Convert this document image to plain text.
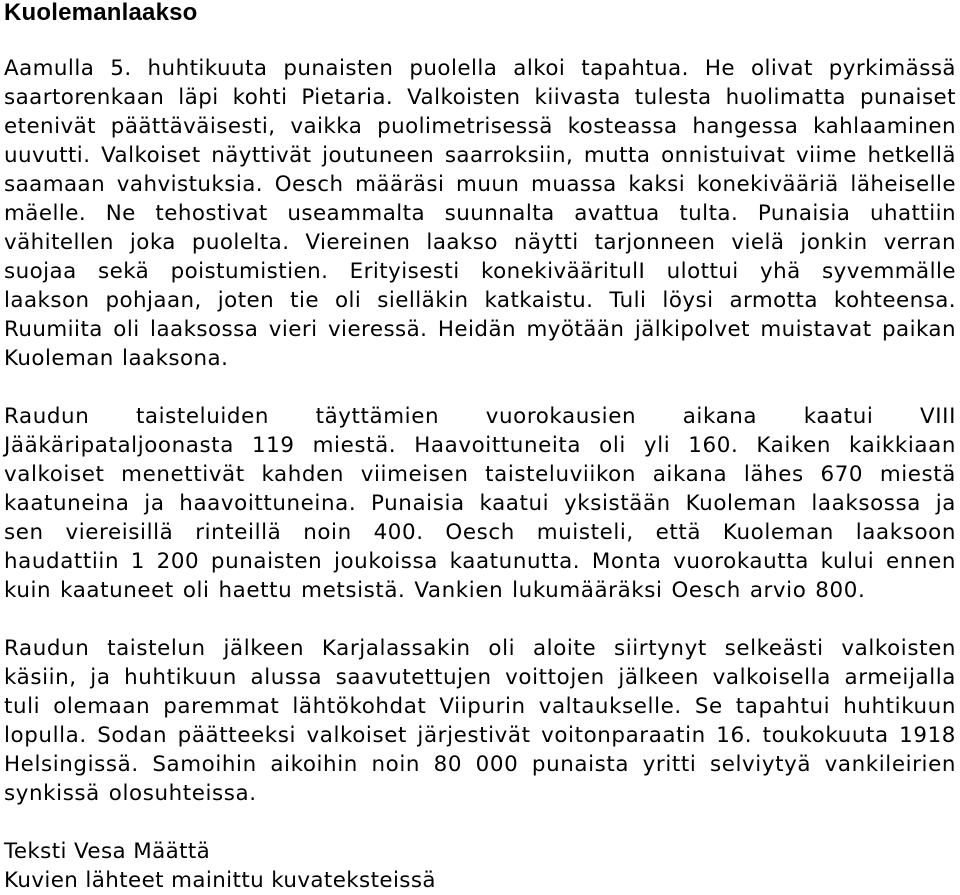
Kuolemanlaakso

Aamulla 5. huhtikuuta punaisten puolella alkoi tapahtua. He olivat pyrkimässä saartorenkaan läpi kohti Pietaria. Valkoisten kiivasta tulesta huolimatta punaiset etenivät päättäväisesti, vaikka puolimetrisessä kosteassa hangessa kahlaaminen uuvutti. Valkoiset näyttivät joutuneen saarroksiin, mutta onnistuivat viime hetkellä saamaan vahvistuksia. Oesch määräsi muun muassa kaksi konekivääriä läheiselle mäelle. Ne tehostivat useammalta suunnalta avattua tulta. Punaisia uhattiin vähitellen joka puolelta. Viereinen laakso näytti tarjonneen vielä jonkin verran suojaa sekä poistumistien. Erityisesti konekivääritulI ulottui yhä syvemmälle laakson pohjaan, joten tie oli sielläkin katkaistu. Tuli löysi armotta kohteensa. Ruumiita oli laaksossa vieri vieressä. Heidän myötään jälkipolvet muistavat paikan Kuoleman laaksona.

Raudun taisteluiden täyttämien vuorokausien aikana kaatui VIII Jääkäripataljoonasta 119 miestä. Haavoittuneita oli yli 160. Kaiken kaikkiaan valkoiset menettivät kahden viimeisen taisteluviikon aikana lähes 670 miestä kaatuneina ja haavoittuneina. Punaisia kaatui yksistään Kuoleman laaksossa ja sen viereisillä rinteillä noin 400. Oesch muisteli, että Kuoleman laaksoon haudattiin 1 200 punaisten joukoissa kaatunutta. Monta vuorokautta kului ennen kuin kaatuneet oli haettu metsistä. Vankien lukumääräksi Oesch arvio 800.

Raudun taistelun jälkeen Karjalassakin oli aloite siirtynyt selkeästi valkoisten käsiin, ja huhtikuun alussa saavutettujen voittojen jälkeen valkoisella armeijalla tuli olemaan paremmat lähtökohdat Viipurin valtaukselle. Se tapahtui huhtikuun lopulla. Sodan päätteeksi valkoiset järjestivät voitonparaatin 16. toukokuuta 1918 Helsingissä. Samoihin aikoihin noin 80 000 punaista yritti selviytyä vankileirien synkissä olosuhteissa.

Teksti Vesa Määttä
Kuvien lähteet mainittu kuvateksteissä
